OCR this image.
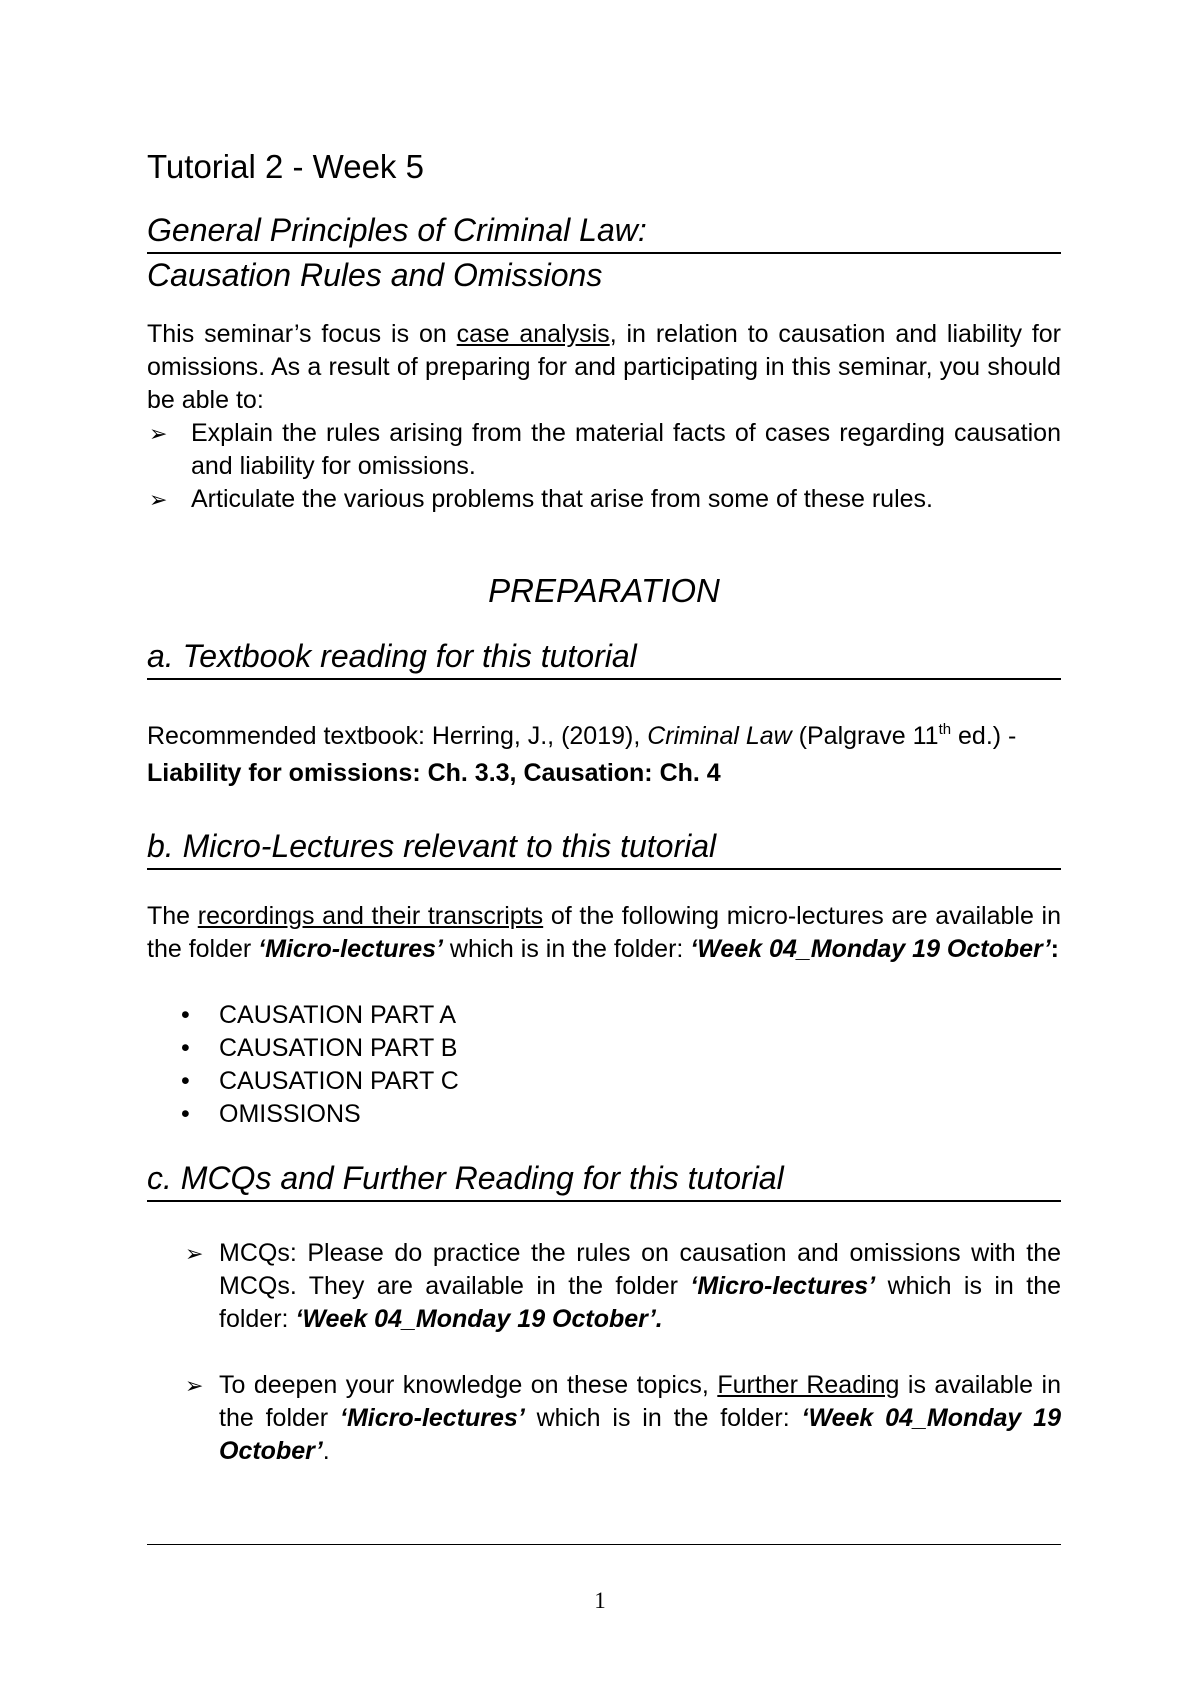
Tutorial 2 - Week 5
General Principles of Criminal Law:
Causation Rules and Omissions
This seminar’s focus is on case analysis, in relation to causation and liability for omissions. As a result of preparing for and participating in this seminar, you should be able to:
➢ Explain the rules arising from the material facts of cases regarding causation and liability for omissions.
➢ Articulate the various problems that arise from some of these rules.
PREPARATION
a. Textbook reading for this tutorial
Recommended textbook: Herring, J., (2019), Criminal Law (Palgrave 11th ed.) - Liability for omissions: Ch. 3.3, Causation: Ch. 4
b. Micro-Lectures relevant to this tutorial
The recordings and their transcripts of the following micro-lectures are available in the folder ‘Micro-lectures’ which is in the folder: ‘Week 04_Monday 19 October’:
• CAUSATION PART A
• CAUSATION PART B
• CAUSATION PART C
• OMISSIONS
c. MCQs and Further Reading for this tutorial
➢ MCQs: Please do practice the rules on causation and omissions with the MCQs. They are available in the folder ‘Micro-lectures’ which is in the folder: ‘Week 04_Monday 19 October’.
➢ To deepen your knowledge on these topics, Further Reading is available in the folder ‘Micro-lectures’ which is in the folder: ‘Week 04_Monday 19 October’.
1
